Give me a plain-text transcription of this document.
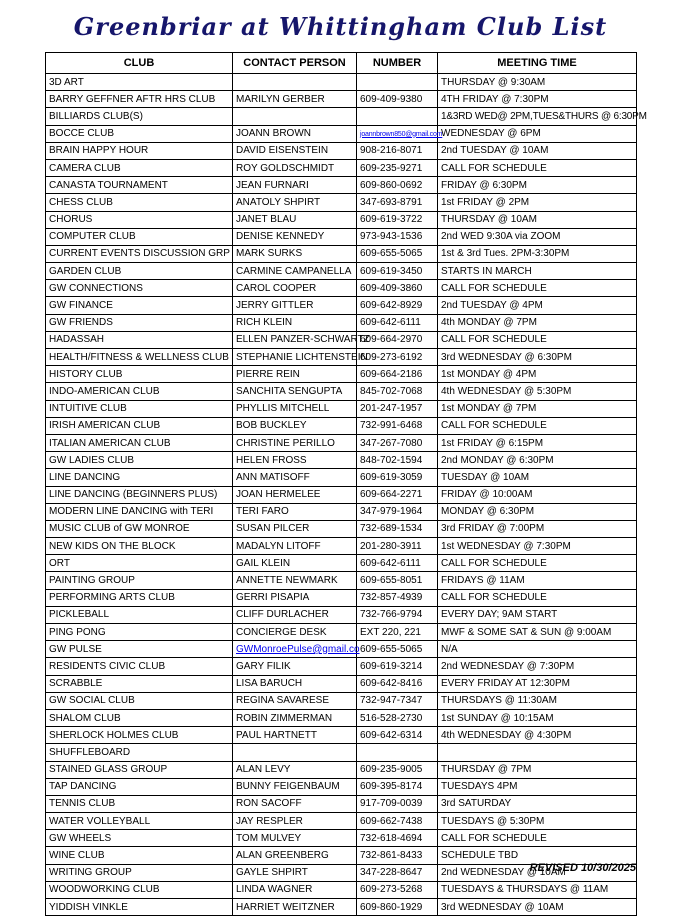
Greenbriar at Whittingham Club List
CLUB	CONTACT PERSON	NUMBER	MEETING TIME
3D ART			THURSDAY @ 9:30AM
BARRY GEFFNER AFTR HRS CLUB	MARILYN GERBER	609-409-9380	4TH FRIDAY @ 7:30PM
BILLIARDS CLUB(S)			1&3RD WED@ 2PM,TUES&THURS @ 6:30PM
BOCCE CLUB	JOANN BROWN	joannbrown850@gmail.com	WEDNESDAY @ 6PM
BRAIN HAPPY HOUR	DAVID EISENSTEIN	908-216-8071	2nd TUESDAY @ 10AM
CAMERA CLUB	ROY GOLDSCHMIDT	609-235-9271	CALL FOR SCHEDULE
CANASTA TOURNAMENT	JEAN FURNARI	609-860-0692	FRIDAY @ 6:30PM
CHESS CLUB	ANATOLY SHPIRT	347-693-8791	1st FRIDAY @ 2PM
CHORUS	JANET BLAU	609-619-3722	THURSDAY @ 10AM
COMPUTER CLUB	DENISE KENNEDY	973-943-1536	2nd WED 9:30A via ZOOM
CURRENT EVENTS DISCUSSION GRP	MARK SURKS	609-655-5065	1st & 3rd Tues. 2PM-3:30PM
GARDEN CLUB	CARMINE CAMPANELLA	609-619-3450	STARTS IN MARCH
GW CONNECTIONS	CAROL COOPER	609-409-3860	CALL FOR SCHEDULE
GW FINANCE	JERRY GITTLER	609-642-8929	2nd TUESDAY @ 4PM
GW FRIENDS	RICH KLEIN	609-642-6111	4th MONDAY @ 7PM
HADASSAH	ELLEN PANZER-SCHWARTZ	609-664-2970	CALL FOR SCHEDULE
HEALTH/FITNESS & WELLNESS CLUB	STEPHANIE LICHTENSTEIN	609-273-6192	3rd WEDNESDAY @ 6:30PM
HISTORY CLUB	PIERRE REIN	609-664-2186	1st MONDAY @ 4PM
INDO-AMERICAN CLUB	SANCHITA SENGUPTA	845-702-7068	4th WEDNESDAY @ 5:30PM
INTUITIVE CLUB	PHYLLIS MITCHELL	201-247-1957	1st MONDAY @ 7PM
IRISH AMERICAN CLUB	BOB BUCKLEY	732-991-6468	CALL FOR SCHEDULE
ITALIAN AMERICAN CLUB	CHRISTINE PERILLO	347-267-7080	1st FRIDAY @ 6:15PM
GW LADIES CLUB	HELEN FROSS	848-702-1594	2nd MONDAY @ 6:30PM
LINE DANCING	ANN MATISOFF	609-619-3059	TUESDAY @ 10AM
LINE DANCING (BEGINNERS PLUS)	JOAN HERMELEE	609-664-2271	FRIDAY @ 10:00AM
MODERN LINE DANCING with TERI	TERI FARO	347-979-1964	MONDAY @ 6:30PM
MUSIC CLUB of GW MONROE	SUSAN PILCER	732-689-1534	3rd FRIDAY @ 7:00PM
NEW KIDS ON THE BLOCK	MADALYN LITOFF	201-280-3911	1st WEDNESDAY @ 7:30PM
ORT	GAIL KLEIN	609-642-6111	CALL FOR SCHEDULE
PAINTING GROUP	ANNETTE NEWMARK	609-655-8051	FRIDAYS @ 11AM
PERFORMING ARTS CLUB	GERRI PISAPIA	732-857-4939	CALL FOR SCHEDULE
PICKLEBALL	CLIFF DURLACHER	732-766-9794	EVERY DAY; 9AM START
PING PONG	CONCIERGE DESK	EXT 220, 221	MWF & SOME SAT & SUN @ 9:00AM
GW PULSE	GWMonroePulse@gmail.co	609-655-5065	N/A
RESIDENTS CIVIC CLUB	GARY FILIK	609-619-3214	2nd WEDNESDAY @ 7:30PM
SCRABBLE	LISA BARUCH	609-642-8416	EVERY FRIDAY AT 12:30PM
GW SOCIAL CLUB	REGINA SAVARESE	732-947-7347	THURSDAYS @ 11:30AM
SHALOM CLUB	ROBIN ZIMMERMAN	516-528-2730	1st SUNDAY @ 10:15AM
SHERLOCK HOLMES CLUB	PAUL HARTNETT	609-642-6314	4th WEDNESDAY @ 4:30PM
SHUFFLEBOARD			
STAINED GLASS GROUP	ALAN LEVY	609-235-9005	THURSDAY @ 7PM
TAP DANCING	BUNNY FEIGENBAUM	609-395-8174	TUESDAYS 4PM
TENNIS CLUB	RON SACOFF	917-709-0039	3rd SATURDAY
WATER VOLLEYBALL	JAY RESPLER	609-662-7438	TUESDAYS @ 5:30PM
GW WHEELS	TOM MULVEY	732-618-4694	CALL FOR SCHEDULE
WINE CLUB	ALAN GREENBERG	732-861-8433	SCHEDULE TBD
WRITING GROUP	GAYLE SHPIRT	347-228-8647	2nd WEDNESDAY @ 10AM
WOODWORKING CLUB	LINDA WAGNER	609-273-5268	TUESDAYS & THURSDAYS @ 11AM
YIDDISH VINKLE	HARRIET WEITZNER	609-860-1929	3rd WEDNESDAY @ 10AM
REVISED 10/30/2025
